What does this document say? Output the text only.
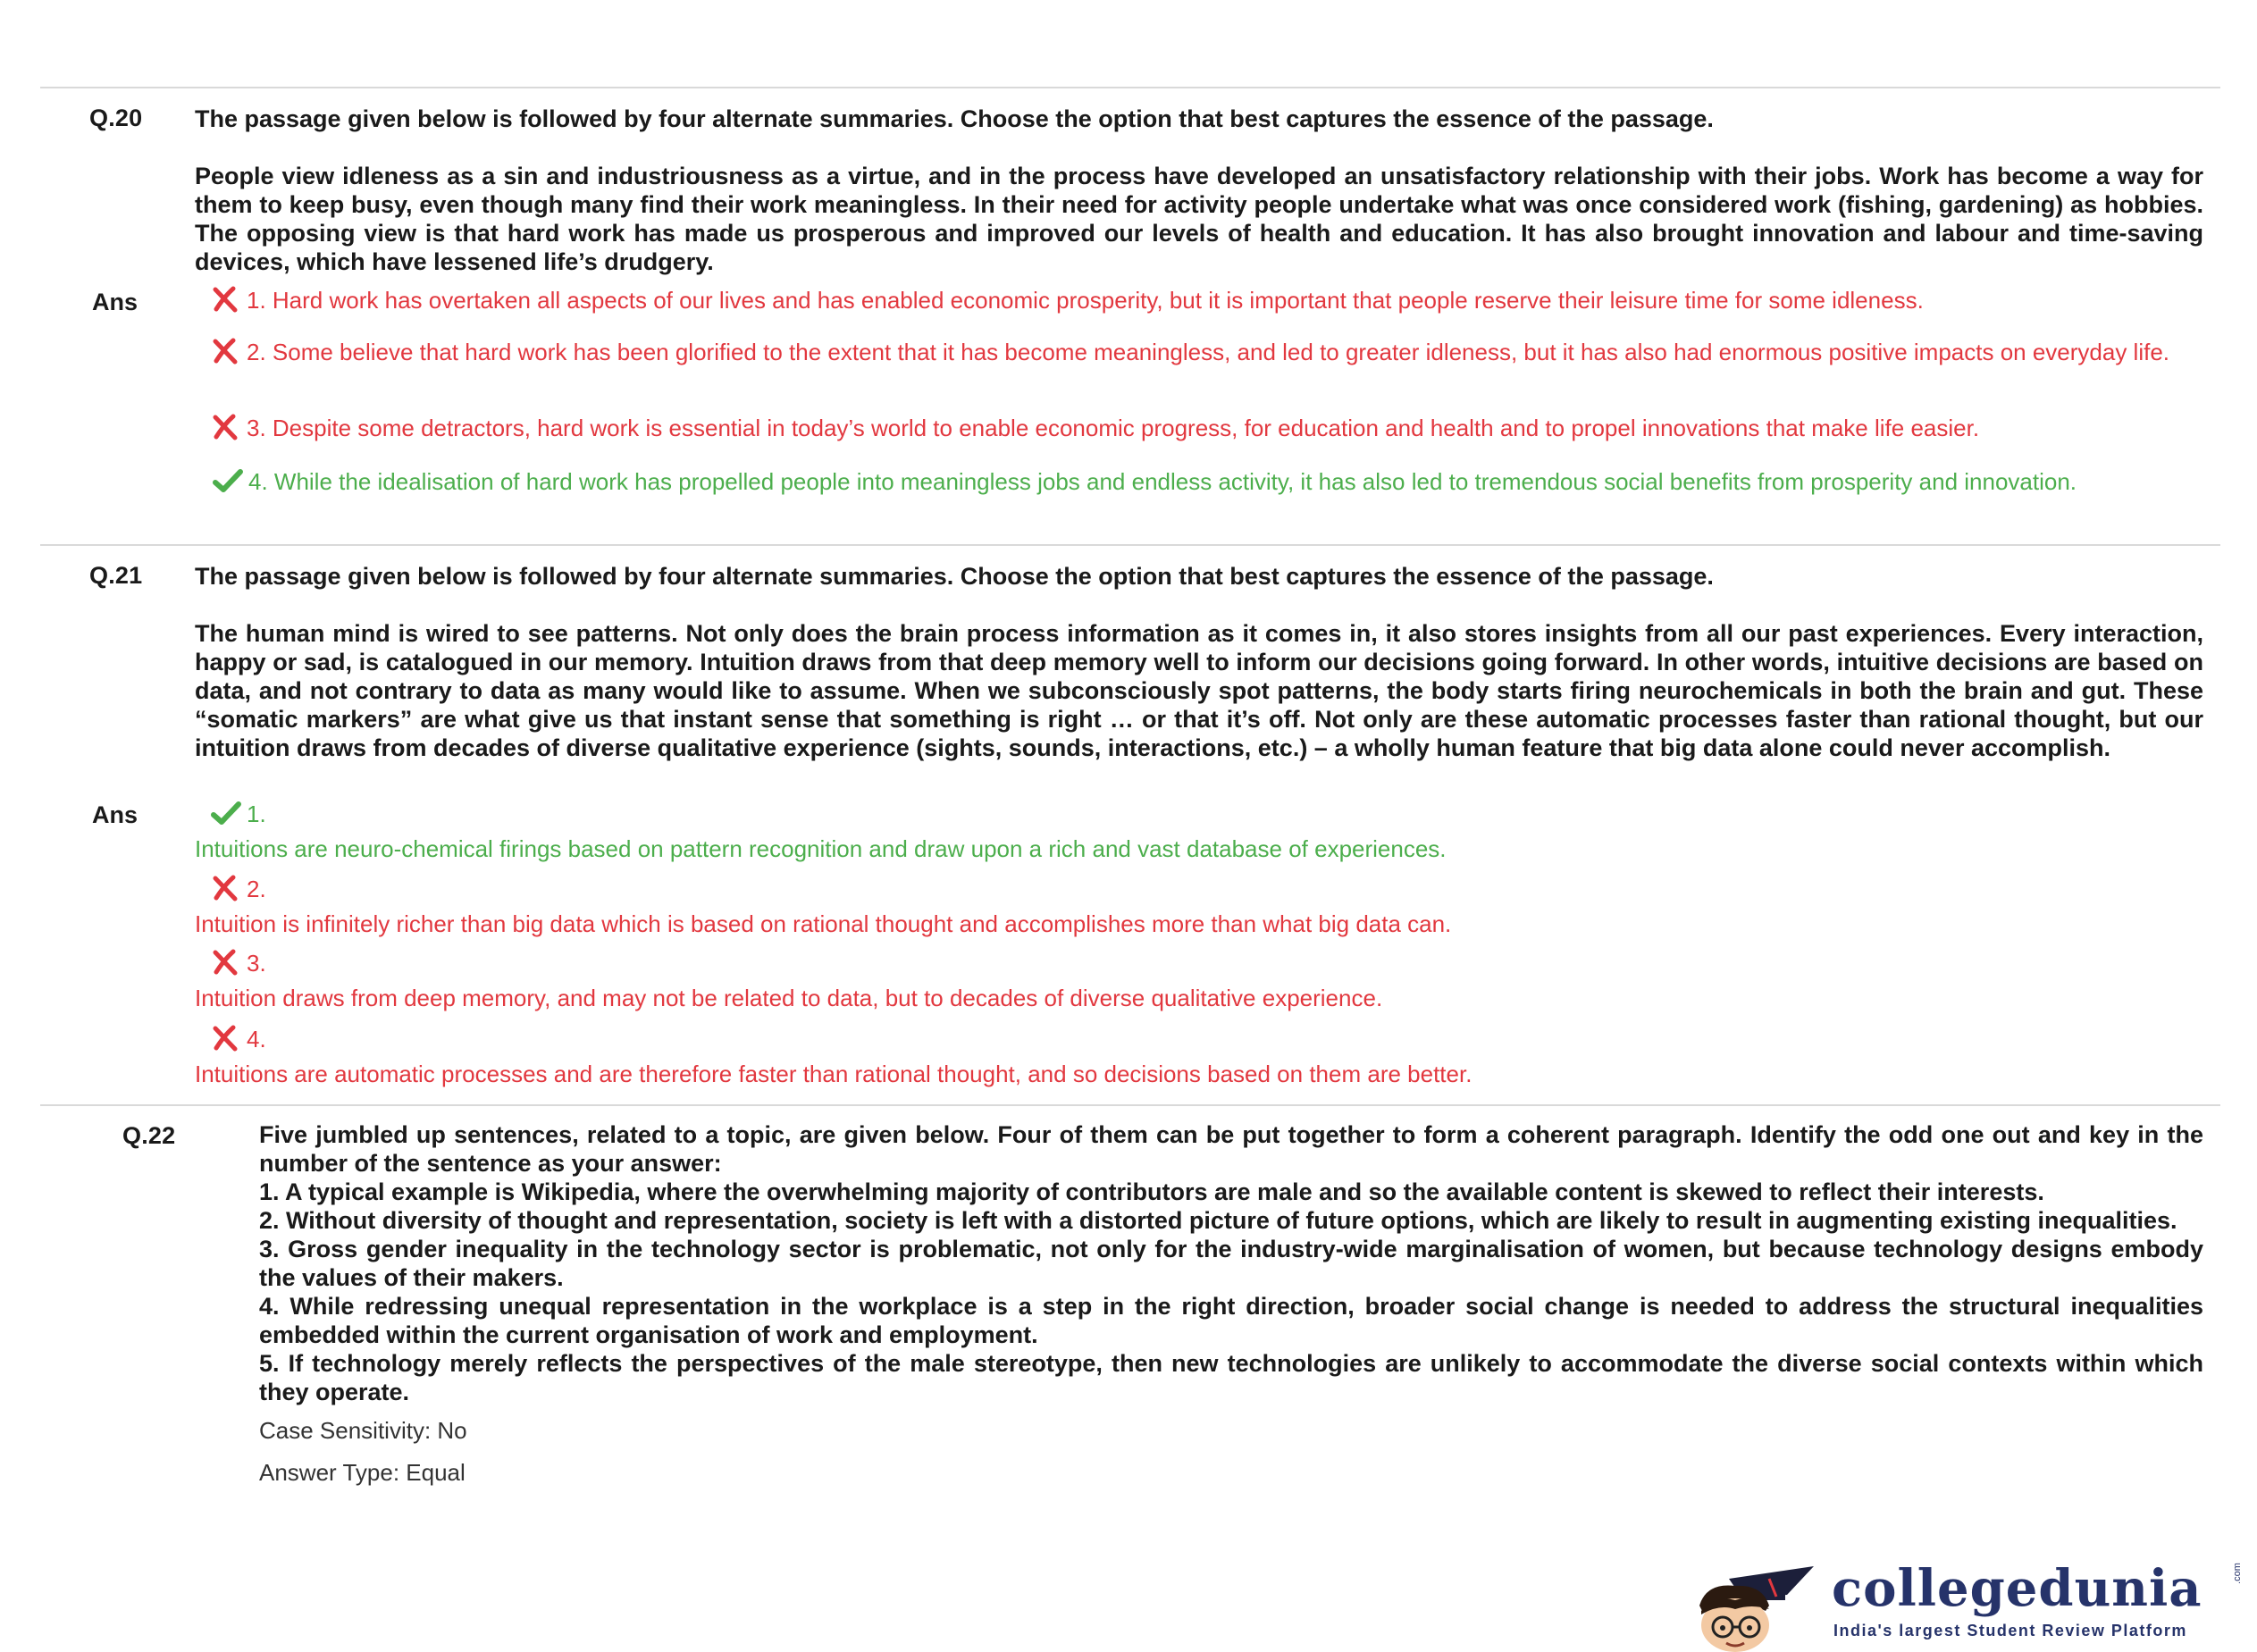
Q.20 The passage given below is followed by four alternate summaries. Choose the option that best captures the essence of the passage.

People view idleness as a sin and industriousness as a virtue, and in the process have developed an unsatisfactory relationship with their jobs. Work has become a way for them to keep busy, even though many find their work meaningless. In their need for activity people undertake what was once considered work (fishing, gardening) as hobbies. The opposing view is that hard work has made us prosperous and improved our levels of health and education. It has also brought innovation and labour and time-saving devices, which have lessened life’s drudgery.

Ans	1. Hard work has overtaken all aspects of our lives and has enabled economic prosperity, but it is important that people reserve their leisure time for some idleness.
2. Some believe that hard work has been glorified to the extent that it has become meaningless, and led to greater idleness, but it has also had enormous positive impacts on everyday life.
3. Despite some detractors, hard work is essential in today’s world to enable economic progress, for education and health and to propel innovations that make life easier.
4. While the idealisation of hard work has propelled people into meaningless jobs and endless activity, it has also led to tremendous social benefits from prosperity and innovation.
Q.21 The passage given below is followed by four alternate summaries. Choose the option that best captures the essence of the passage.

The human mind is wired to see patterns. Not only does the brain process information as it comes in, it also stores insights from all our past experiences. Every interaction, happy or sad, is catalogued in our memory. Intuition draws from that deep memory well to inform our decisions going forward. In other words, intuitive decisions are based on data, and not contrary to data as many would like to assume. When we subconsciously spot patterns, the body starts firing neurochemicals in both the brain and gut. These “somatic markers” are what give us that instant sense that something is right … or that it’s off. Not only are these automatic processes faster than rational thought, but our intuition draws from decades of diverse qualitative experience (sights, sounds, interactions, etc.) – a wholly human feature that big data alone could never accomplish.

Ans	1.
Intuitions are neuro-chemical firings based on pattern recognition and draw upon a rich and vast database of experiences.
2.
Intuition is infinitely richer than big data which is based on rational thought and accomplishes more than what big data can.
3.
Intuition draws from deep memory, and may not be related to data, but to decades of diverse qualitative experience.
4.
Intuitions are automatic processes and are therefore faster than rational thought, and so decisions based on them are better.
Q.22	Five jumbled up sentences, related to a topic, are given below. Four of them can be put together to form a coherent paragraph. Identify the odd one out and key in the number of the sentence as your answer:

1. A typical example is Wikipedia, where the overwhelming majority of contributors are male and so the available content is skewed to reflect their interests.

2. Without diversity of thought and representation, society is left with a distorted picture of future options, which are likely to result in augmenting existing inequalities.

3. Gross gender inequality in the technology sector is problematic, not only for the industry-wide marginalisation of women, but because technology designs embody the values of their makers.

4. While redressing unequal representation in the workplace is a step in the right direction, broader social change is needed to address the structural inequalities embedded within the current organisation of work and employment.

5. If technology merely reflects the perspectives of the male stereotype, then new technologies are unlikely to accommodate the diverse social contexts within which they operate.

Case Sensitivity: No

Answer Type: Equal

collegedunia	.com
India's largest Student Review Platform
